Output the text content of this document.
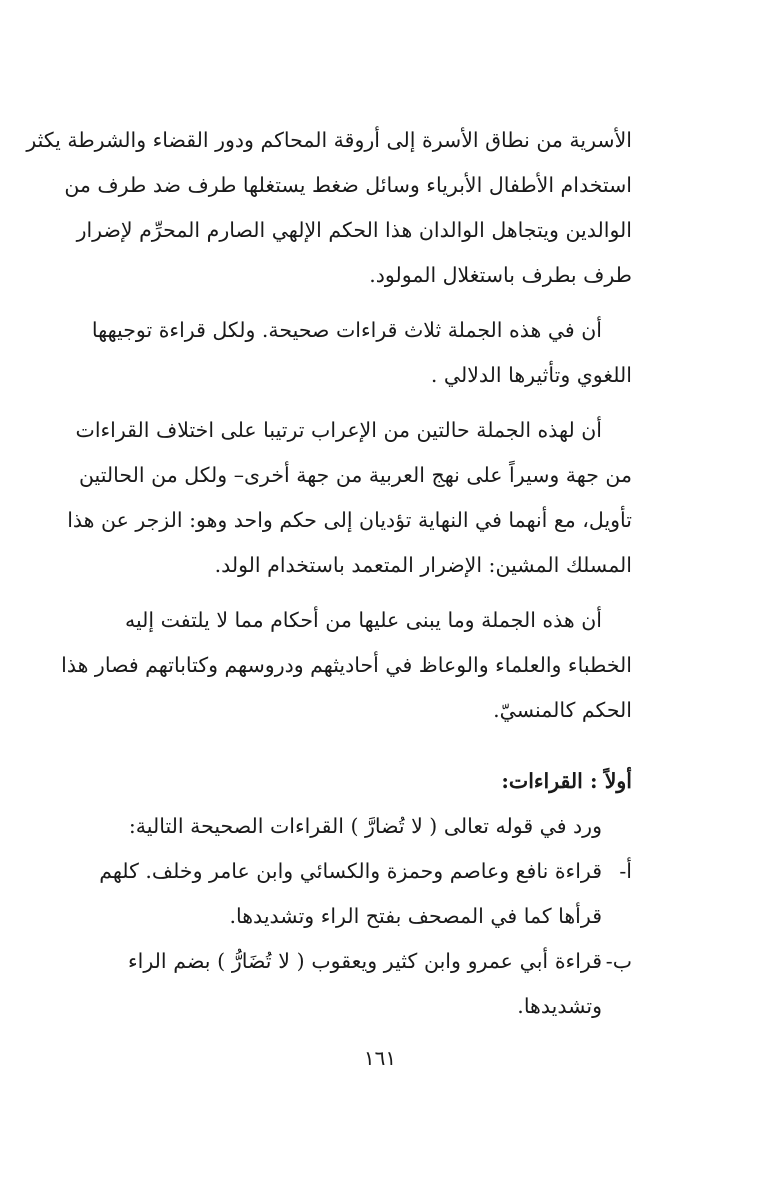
الأسرية من نطاق الأسرة إلى أروقة المحاكم ودور القضاء والشرطة يكثر
استخدام الأطفال الأبرياء وسائل ضغط يستغلها طرف ضد طرف من
الوالدين ويتجاهل الوالدان هذا الحكم الإلهي الصارم المحرِّم لإضرار
طرف بطرف باستغلال المولود.
أن في هذه الجملة ثلاث قراءات صحيحة. ولكل قراءة توجيهها
اللغوي وتأثيرها الدلالي .
أن لهذه الجملة حالتين من الإعراب ترتيبا على اختلاف القراءات
من جهة وسيراً على نهج العربية من جهة أخرى– ولكل من الحالتين
تأويل، مع أنهما في النهاية تؤديان إلى حكم واحد وهو: الزجر عن هذا
المسلك المشين: الإضرار المتعمد باستخدام الولد.
أن هذه الجملة وما يبنى عليها من أحكام مما لا يلتفت إليه
الخطباء والعلماء والوعاظ في أحاديثهم ودروسهم وكتاباتهم فصار هذا
الحكم كالمنسيّ.
أولاً : القراءات:
ورد في قوله تعالى ( لا تُضارَّ ) القراءات الصحيحة التالية:
أ-
قراءة نافع وعاصم وحمزة والكسائي وابن عامر وخلف. كلهم
قرأها كما في المصحف بفتح الراء وتشديدها.
ب-
قراءة أبي عمرو وابن كثير ويعقوب ( لا تُضَارُّ ) بضم الراء
وتشديدها.
١٦١
